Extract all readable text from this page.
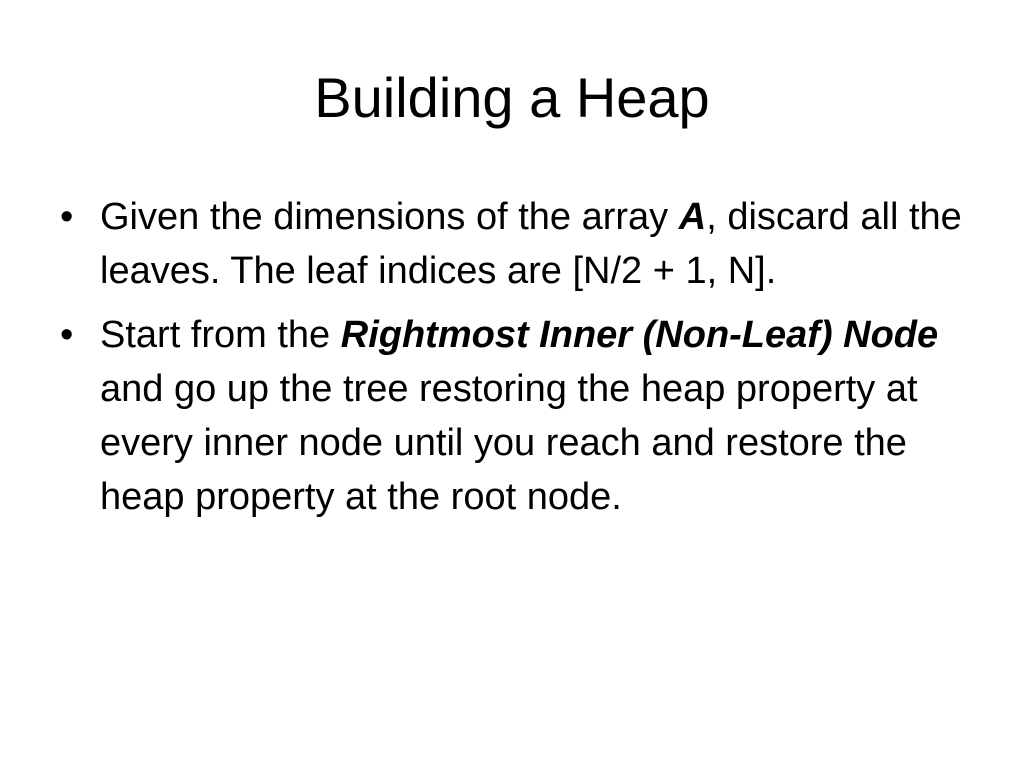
Building a Heap
• Given the dimensions of the array A, discard all the leaves. The leaf indices are [N/2 + 1, N].
• Start from the Rightmost Inner (Non-Leaf) Node and go up the tree restoring the heap property at every inner node until you reach and restore the heap property at the root node.
